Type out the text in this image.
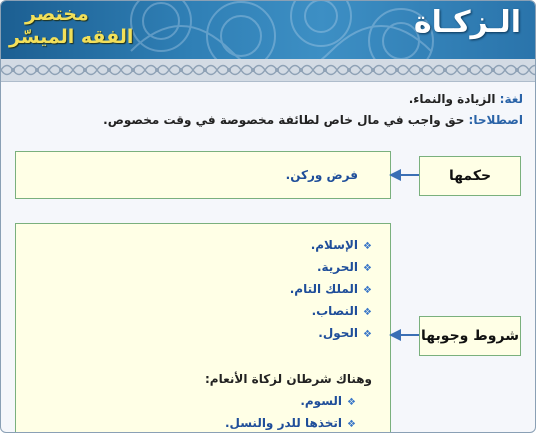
الـزكـاة
مختصر
الفقه الميسّر
لغة: الزيادة والنماء.
اصطلاحا: حق واجب في مال خاص لطائفة مخصوصة في وقت مخصوص.
فرض وركن.	حكمها
❖الإسلام.
❖الحرية.
❖الملك التام.
❖النصاب.
❖الحول.
وهناك شرطان لزكاة الأنعام:
❖السوم.
❖اتخذها للدر والنسل.
شروط وجوبها
